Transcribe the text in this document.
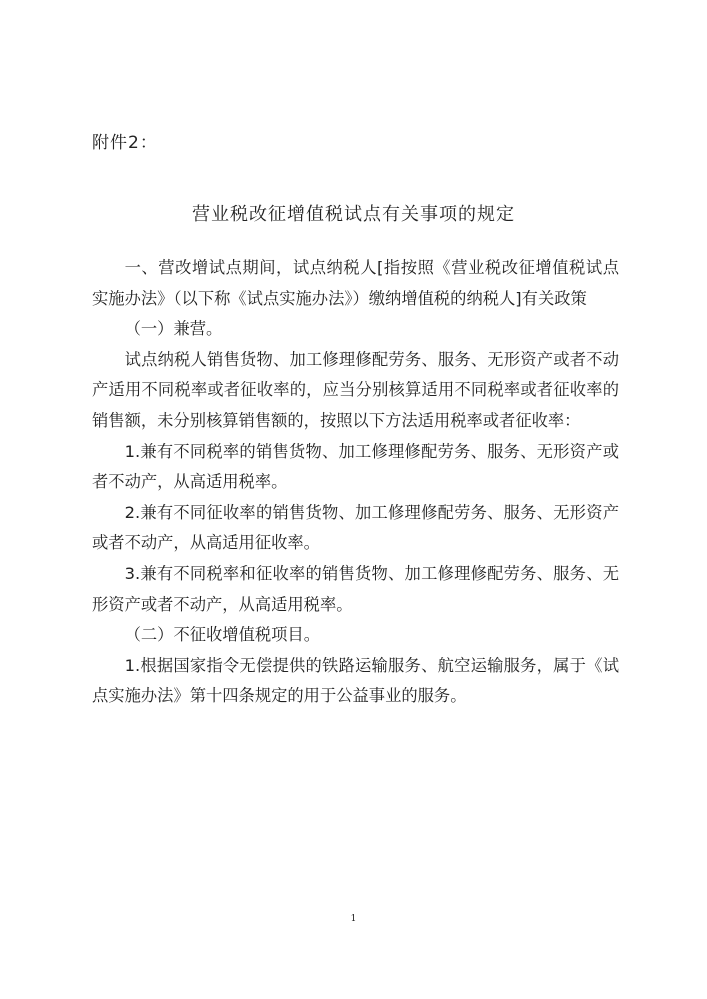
附件2：
营业税改征增值税试点有关事项的规定

一、营改增试点期间，试点纳税人[指按照《营业税改征增值税试点实施办法》（以下称《试点实施办法》）缴纳增值税的纳税人]有关政策

（一）兼营。

试点纳税人销售货物、加工修理修配劳务、服务、无形资产或者不动产适用不同税率或者征收率的，应当分别核算适用不同税率或者征收率的销售额，未分别核算销售额的，按照以下方法适用税率或者征收率：

1.兼有不同税率的销售货物、加工修理修配劳务、服务、无形资产或者不动产，从高适用税率。

2.兼有不同征收率的销售货物、加工修理修配劳务、服务、无形资产或者不动产，从高适用征收率。

3.兼有不同税率和征收率的销售货物、加工修理修配劳务、服务、无形资产或者不动产，从高适用税率。

（二）不征收增值税项目。

1.根据国家指令无偿提供的铁路运输服务、航空运输服务，属于《试点实施办法》第十四条规定的用于公益事业的服务。

1
